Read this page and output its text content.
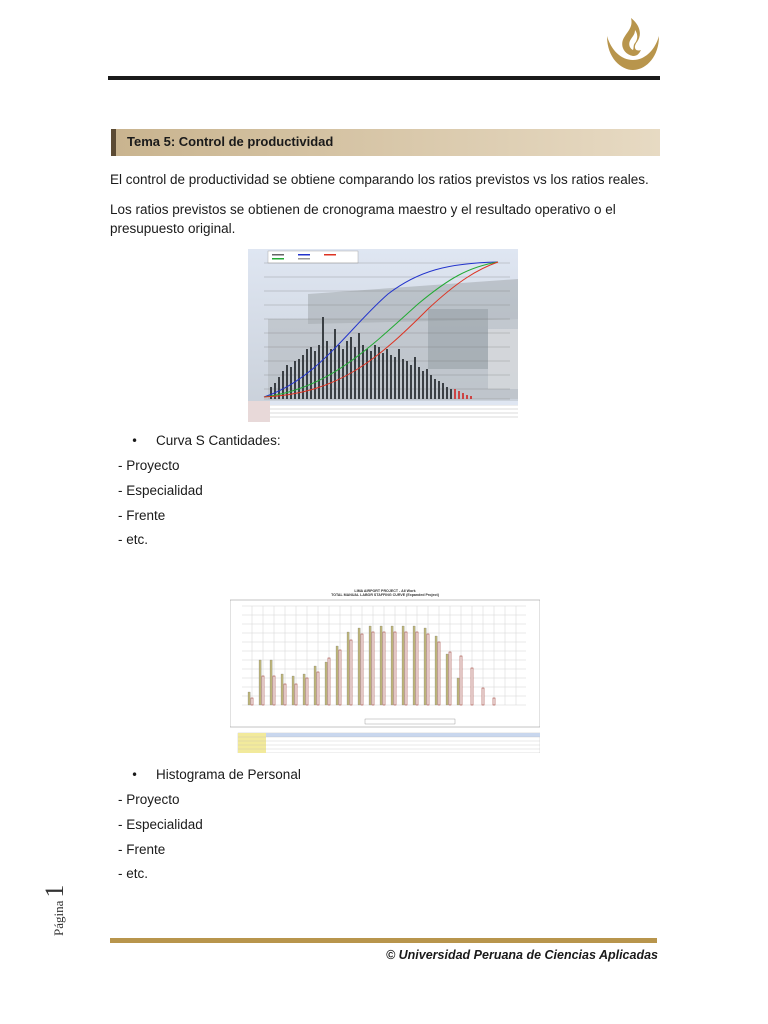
Tema 5: Control de productividad

El control de productividad se obtiene comparando los ratios previstos vs los ratios reales.

Los ratios previstos se obtienen de cronograma maestro y el resultado operativo o el presupuesto original.

• Curva S Cantidades:
- Proyecto
- Especialidad
- Frente
- etc.
LIMA AIRPORT PROJECT - All Work
TOTAL MANUAL LABOR STAFFING CURVE (Expanded Project)
• Histograma de Personal
- Proyecto
- Especialidad
- Frente
- etc.
Página1
© Universidad Peruana de Ciencias Aplicadas
